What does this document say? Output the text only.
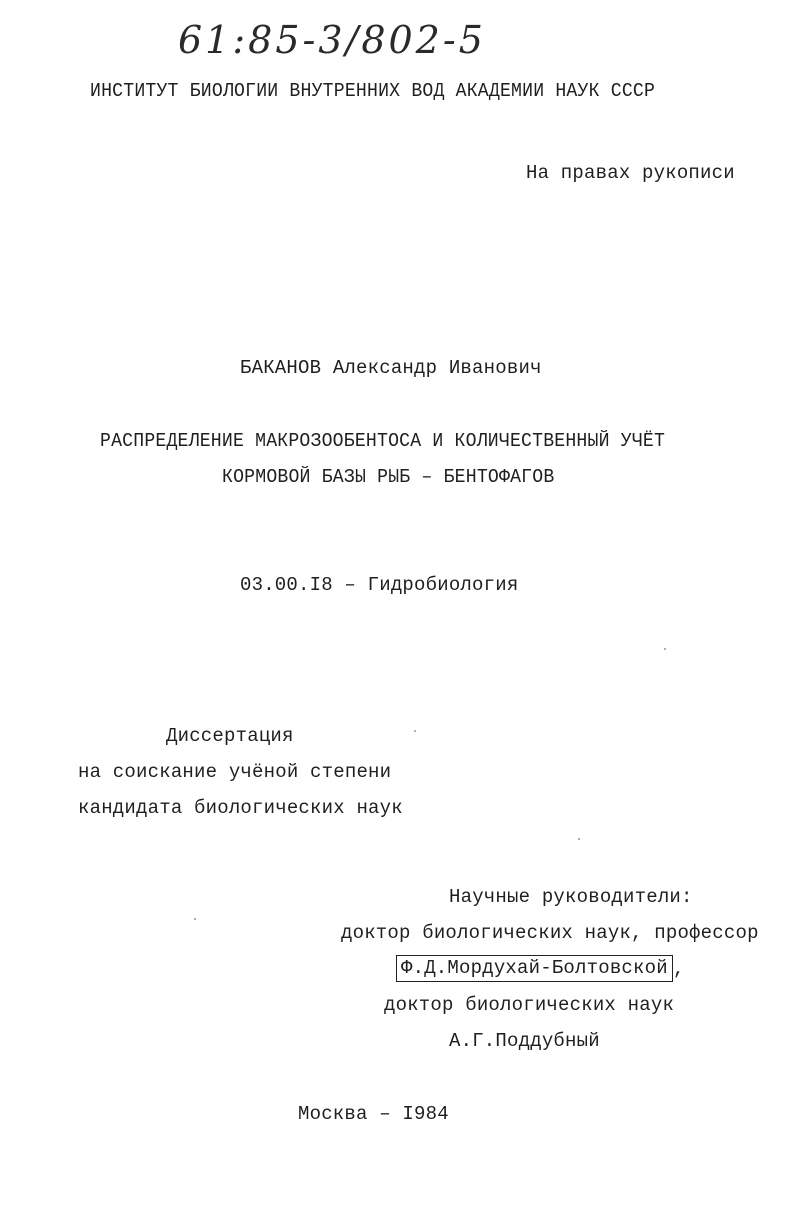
61:85-3/802-5
ИНСТИТУТ БИОЛОГИИ ВНУТРЕННИХ ВОД АКАДЕМИИ НАУК СССР
На правах рукописи
БАКАНОВ Александр Иванович
РАСПРЕДЕЛЕНИЕ МАКРОЗООБЕНТОСА И КОЛИЧЕСТВЕННЫЙ УЧЁТ
КОРМОВОЙ БАЗЫ РЫБ – БЕНТОФАГОВ
03.00.I8 – Гидробиология
Диссертация
на соискание учёной степени
кандидата биологических наук
Научные руководители:
доктор биологических наук, профессор
Ф.Д.Мордухай-Болтовской ,
доктор биологических наук
А.Г.Поддубный
Москва – I984
